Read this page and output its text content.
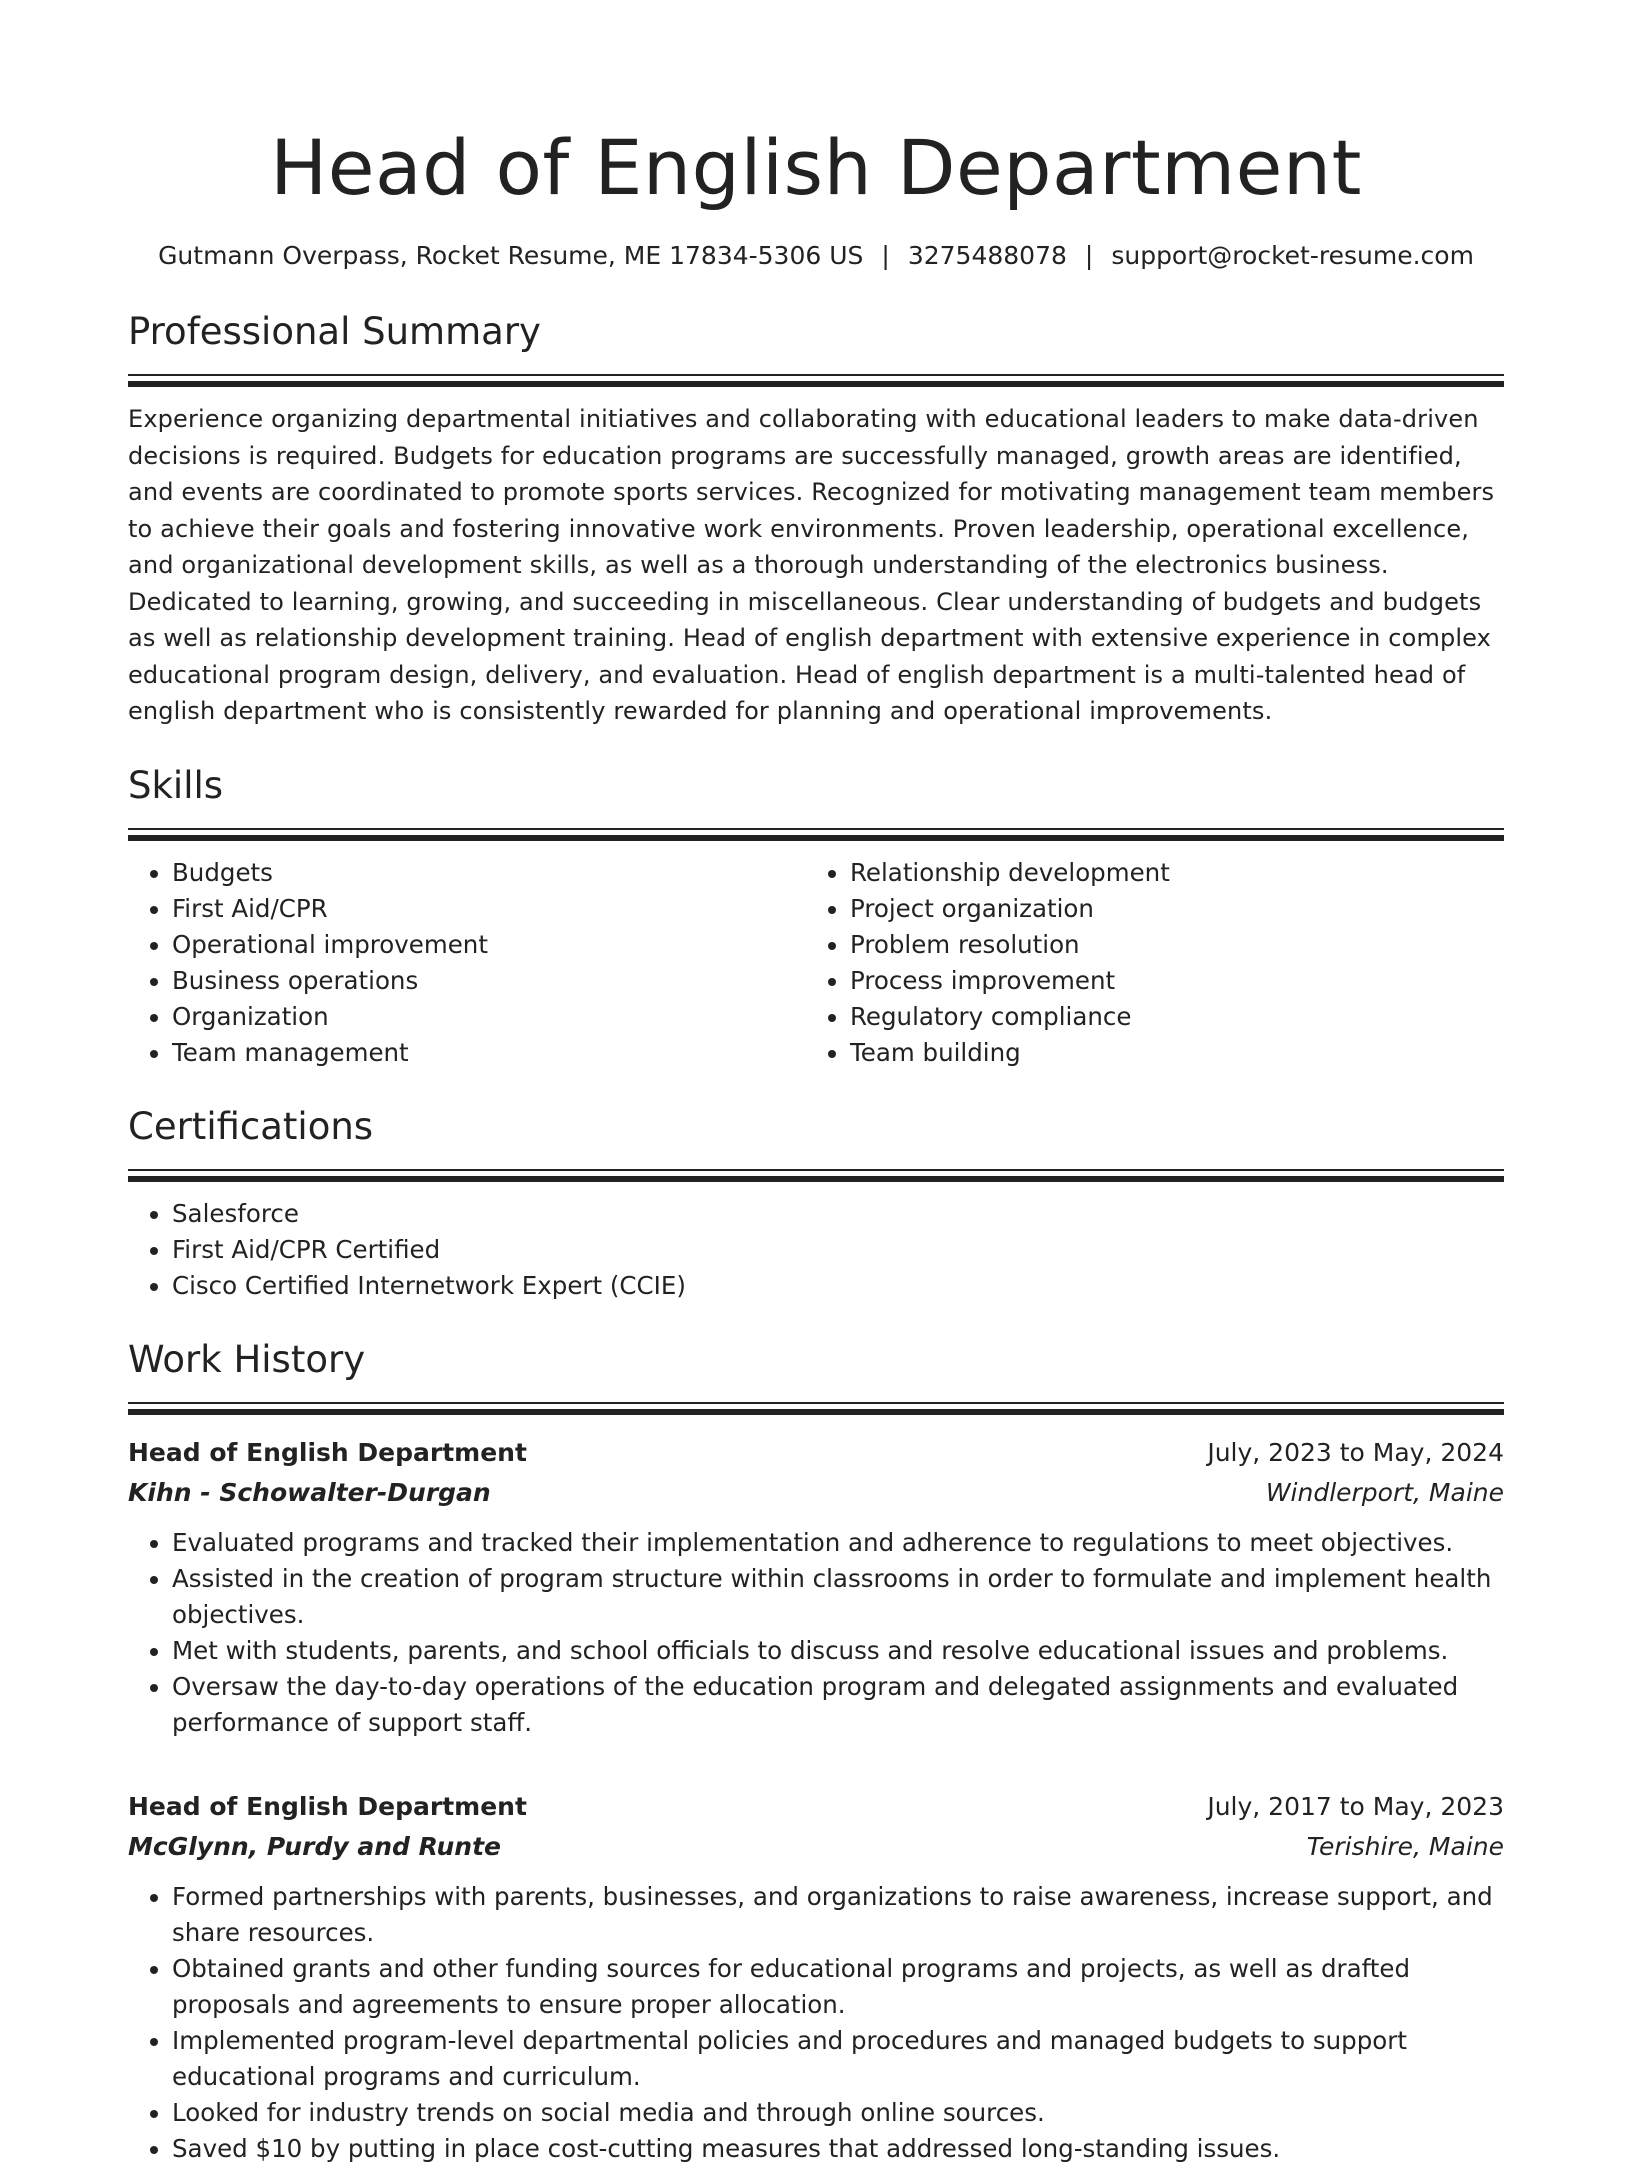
Head of English Department
Gutmann Overpass, Rocket Resume, ME 17834-5306 US | 3275488078 | support@rocket-resume.com
Professional Summary

Experience organizing departmental initiatives and collaborating with educational leaders to make data-driven decisions is required. Budgets for education programs are successfully managed, growth areas are identified, and events are coordinated to promote sports services. Recognized for motivating management team members to achieve their goals and fostering innovative work environments. Proven leadership, operational excellence, and organizational development skills, as well as a thorough understanding of the electronics business. Dedicated to learning, growing, and succeeding in miscellaneous. Clear understanding of budgets and budgets as well as relationship development training. Head of english department with extensive experience in complex educational program design, delivery, and evaluation. Head of english department is a multi-talented head of english department who is consistently rewarded for planning and operational improvements.

Skills
• Budgets
• First Aid/CPR
• Operational improvement
• Business operations
• Organization
• Team management
• Relationship development
• Project organization
• Problem resolution
• Process improvement
• Regulatory compliance
• Team building
Certifications
• Salesforce
• First Aid/CPR Certified
• Cisco Certified Internetwork Expert (CCIE)
Work History
Head of English Department	July, 2023 to May, 2024
Kihn - Schowalter-Durgan	Windlerport, Maine
• Evaluated programs and tracked their implementation and adherence to regulations to meet objectives.
• Assisted in the creation of program structure within classrooms in order to formulate and implement health objectives.
• Met with students, parents, and school officials to discuss and resolve educational issues and problems.
• Oversaw the day-to-day operations of the education program and delegated assignments and evaluated performance of support staff.
Head of English Department	July, 2017 to May, 2023
McGlynn, Purdy and Runte	Terishire, Maine
• Formed partnerships with parents, businesses, and organizations to raise awareness, increase support, and share resources.
• Obtained grants and other funding sources for educational programs and projects, as well as drafted proposals and agreements to ensure proper allocation.
• Implemented program-level departmental policies and procedures and managed budgets to support educational programs and curriculum.
• Looked for industry trends on social media and through online sources.
• Saved $10 by putting in place cost-cutting measures that addressed long-standing issues.
